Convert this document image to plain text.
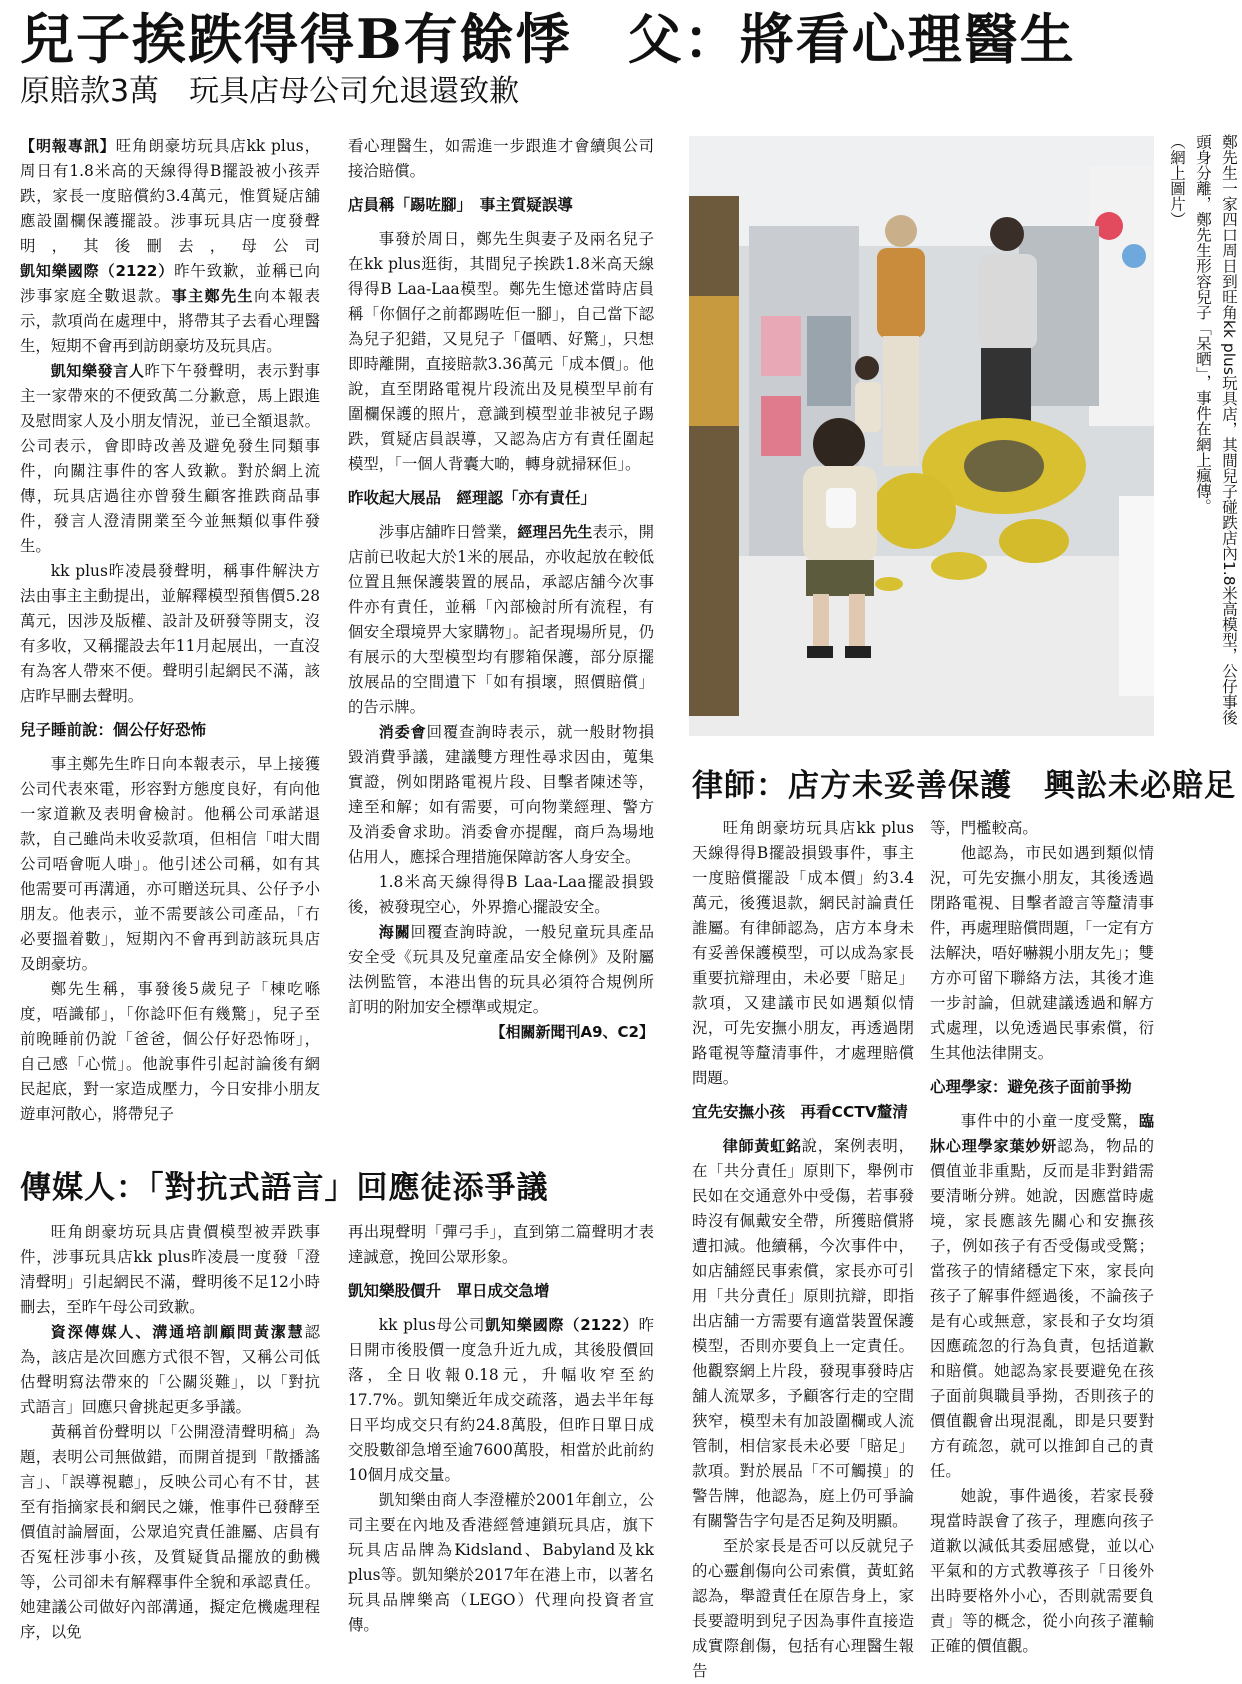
兒子挨跌得得B有餘悸　父：將看心理醫生
原賠款3萬　玩具店母公司允退還致歉

【明報專訊】旺角朗豪坊玩具店kk plus，周日有1.8米高的天線得得B擺設被小孩弄跌，家長一度賠償約3.4萬元，惟質疑店舖應設圍欄保護擺設。涉事玩具店一度發聲明，其後刪去，母公司凱知樂國際（2122）昨午致歉，並稱已向涉事家庭全數退款。事主鄭先生向本報表示，款項尚在處理中，將帶其子去看心理醫生，短期不會再到訪朗豪坊及玩具店。

凱知樂發言人昨下午發聲明，表示對事主一家帶來的不便致萬二分歉意，馬上跟進及慰問家人及小朋友情況，並已全額退款。公司表示，會即時改善及避免發生同類事件，向關注事件的客人致歉。對於網上流傳，玩具店過往亦曾發生顧客推跌商品事件，發言人澄清開業至今並無類似事件發生。

kk plus昨凌晨發聲明，稱事件解決方法由事主主動提出，並解釋模型預售價5.28萬元，因涉及版權、設計及研發等開支，沒有多收，又稱擺設去年11月起展出，一直沒有為客人帶來不便。聲明引起網民不滿，該店昨早刪去聲明。

兒子睡前說：個公仔好恐怖

事主鄭先生昨日向本報表示，早上接獲公司代表來電，形容對方態度良好，有向他一家道歉及表明會檢討。他稱公司承諾退款，自己雖尚未收妥款項，但相信「咁大間公司唔會呃人啩」。他引述公司稱，如有其他需要可再溝通，亦可贈送玩具、公仔予小朋友。他表示，並不需要該公司產品，「冇必要搵着數」，短期內不會再到訪該玩具店及朗豪坊。

鄭先生稱，事發後5歲兒子「棟吃喺度，唔識郁」，「你諗吓佢有幾驚」，兒子至前晚睡前仍說「爸爸，個公仔好恐怖呀」，自己感「心慌」。他說事件引起討論後有網民起底，對一家造成壓力，今日安排小朋友遊車河散心，將帶兒子

看心理醫生，如需進一步跟進才會續與公司接洽賠償。

店員稱「踢咗腳」　事主質疑誤導

事發於周日，鄭先生與妻子及兩名兒子在kk plus逛街，其間兒子挨跌1.8米高天線得得B Laa-Laa模型。鄭先生憶述當時店員稱「你個仔之前都踢咗佢一腳」，自己當下認為兒子犯錯，又見兒子「僵哂、好驚」，只想即時離開，直接賠款3.36萬元「成本價」。他說，直至閉路電視片段流出及見模型早前有圍欄保護的照片，意識到模型並非被兒子踢跌，質疑店員誤導，又認為店方有責任圍起模型，「一個人背囊大啲，轉身就掃冧佢」。

昨收起大展品　經理認「亦有責任」

涉事店舖昨日營業，經理呂先生表示，開店前已收起大於1米的展品，亦收起放在較低位置且無保護裝置的展品，承認店舖今次事件亦有責任，並稱「內部檢討所有流程，有個安全環境畀大家購物」。記者現場所見，仍有展示的大型模型均有膠箱保護，部分原擺放展品的空間遺下「如有損壞，照價賠償」的告示牌。

消委會回覆查詢時表示，就一般財物損毀消費爭議，建議雙方理性尋求因由，蒐集實證，例如閉路電視片段、目擊者陳述等，達至和解；如有需要，可向物業經理、警方及消委會求助。消委會亦提醒，商戶為場地佔用人，應採合理措施保障訪客人身安全。

1.8米高天線得得B Laa-Laa擺設損毀後，被發現空心，外界擔心擺設安全。

海關回覆查詢時說，一般兒童玩具產品安全受《玩具及兒童產品安全條例》及附屬法例監管，本港出售的玩具必須符合規例所訂明的附加安全標準或規定。

【相關新聞刊A9、C2】

傳媒人：「對抗式語言」回應徒添爭議

旺角朗豪坊玩具店貴價模型被弄跌事件，涉事玩具店kk plus昨凌晨一度發「澄清聲明」引起網民不滿，聲明後不足12小時刪去，至昨午母公司致歉。

資深傳媒人、溝通培訓顧問黃潔慧認為，該店是次回應方式很不智，又稱公司低估聲明寫法帶來的「公關災難」，以「對抗式語言」回應只會挑起更多爭議。

黃稱首份聲明以「公開澄清聲明稿」為題，表明公司無做錯，而開首提到「散播謠言」、「誤導視聽」，反映公司心有不甘，甚至有指摘家長和網民之嫌，惟事件已發酵至價值討論層面，公眾追究責任誰屬、店員有否冤枉涉事小孩，及質疑貨品擺放的動機等，公司卻未有解釋事件全貌和承認責任。她建議公司做好內部溝通，擬定危機處理程序，以免

再出現聲明「彈弓手」，直到第二篇聲明才表達誠意，挽回公眾形象。

凱知樂股價升　單日成交急增

kk plus母公司凱知樂國際（2122）昨日開市後股價一度急升近九成，其後股價回落，全日收報0.18元，升幅收窄至約17.7%。凱知樂近年成交疏落，過去半年每日平均成交只有約24.8萬股，但昨日單日成交股數卻急增至逾7600萬股，相當於此前約10個月成交量。

凱知樂由商人李澄權於2001年創立，公司主要在內地及香港經營連鎖玩具店，旗下玩具店品牌為Kidsland、Babyland及kk plus等。凱知樂於2017年在港上市，以著名玩具品牌樂高（LEGO）代理向投資者宣傳。

鄭先生一家四口周日到旺角kk plus玩具店，其間兒子碰跌店內1.8米高模型，公仔事後頭身分離，鄭先生形容兒子「呆晒」，事件在網上瘋傳。
（網上圖片）
律師：店方未妥善保護　興訟未必賠足

旺角朗豪坊玩具店kk plus天線得得B擺設損毀事件，事主一度賠償擺設「成本價」約3.4萬元，後獲退款，網民討論責任誰屬。有律師認為，店方本身未有妥善保護模型，可以成為家長重要抗辯理由，未必要「賠足」款項，又建議市民如遇類似情況，可先安撫小朋友，再透過閉路電視等釐清事件，才處理賠償問題。

宜先安撫小孩　再看CCTV釐清

律師黃虹銘說，案例表明，在「共分責任」原則下，舉例市民如在交通意外中受傷，若事發時沒有佩戴安全帶，所獲賠償將遭扣減。他續稱，今次事件中，如店舖經民事索償，家長亦可引用「共分責任」原則抗辯，即指出店舖一方需要有適當裝置保護模型，否則亦要負上一定責任。他觀察網上片段，發現事發時店舖人流眾多，予顧客行走的空間狹窄，模型未有加設圍欄或人流管制，相信家長未必要「賠足」款項。對於展品「不可觸摸」的警告牌，他認為，庭上仍可爭論有關警告字句是否足夠及明顯。

至於家長是否可以反就兒子的心靈創傷向公司索償，黃虹銘認為，舉證責任在原告身上，家長要證明到兒子因為事件直接造成實際創傷，包括有心理醫生報告

等，門檻較高。

他認為，市民如遇到類似情況，可先安撫小朋友，其後透過閉路電視、目擊者證言等釐清事件，再處理賠償問題，「一定有方法解決，唔好嚇親小朋友先」；雙方亦可留下聯絡方法，其後才進一步討論，但就建議透過和解方式處理，以免透過民事索償，衍生其他法律開支。

心理學家：避免孩子面前爭拗

事件中的小童一度受驚，臨牀心理學家葉妙妍認為，物品的價值並非重點，反而是非對錯需要清晰分辨。她說，因應當時處境，家長應該先關心和安撫孩子，例如孩子有否受傷或受驚；當孩子的情緒穩定下來，家長向孩子了解事件經過後，不論孩子是有心或無意，家長和子女均須因應疏忽的行為負責，包括道歉和賠償。她認為家長要避免在孩子面前與職員爭拗，否則孩子的價值觀會出現混亂，即是只要對方有疏忽，就可以推卸自己的責任。

她說，事件過後，若家長發現當時誤會了孩子，理應向孩子道歉以減低其委屈感覺，並以心平氣和的方式教導孩子「日後外出時要格外小心，否則就需要負責」等的概念，從小向孩子灌輸正確的價值觀。
